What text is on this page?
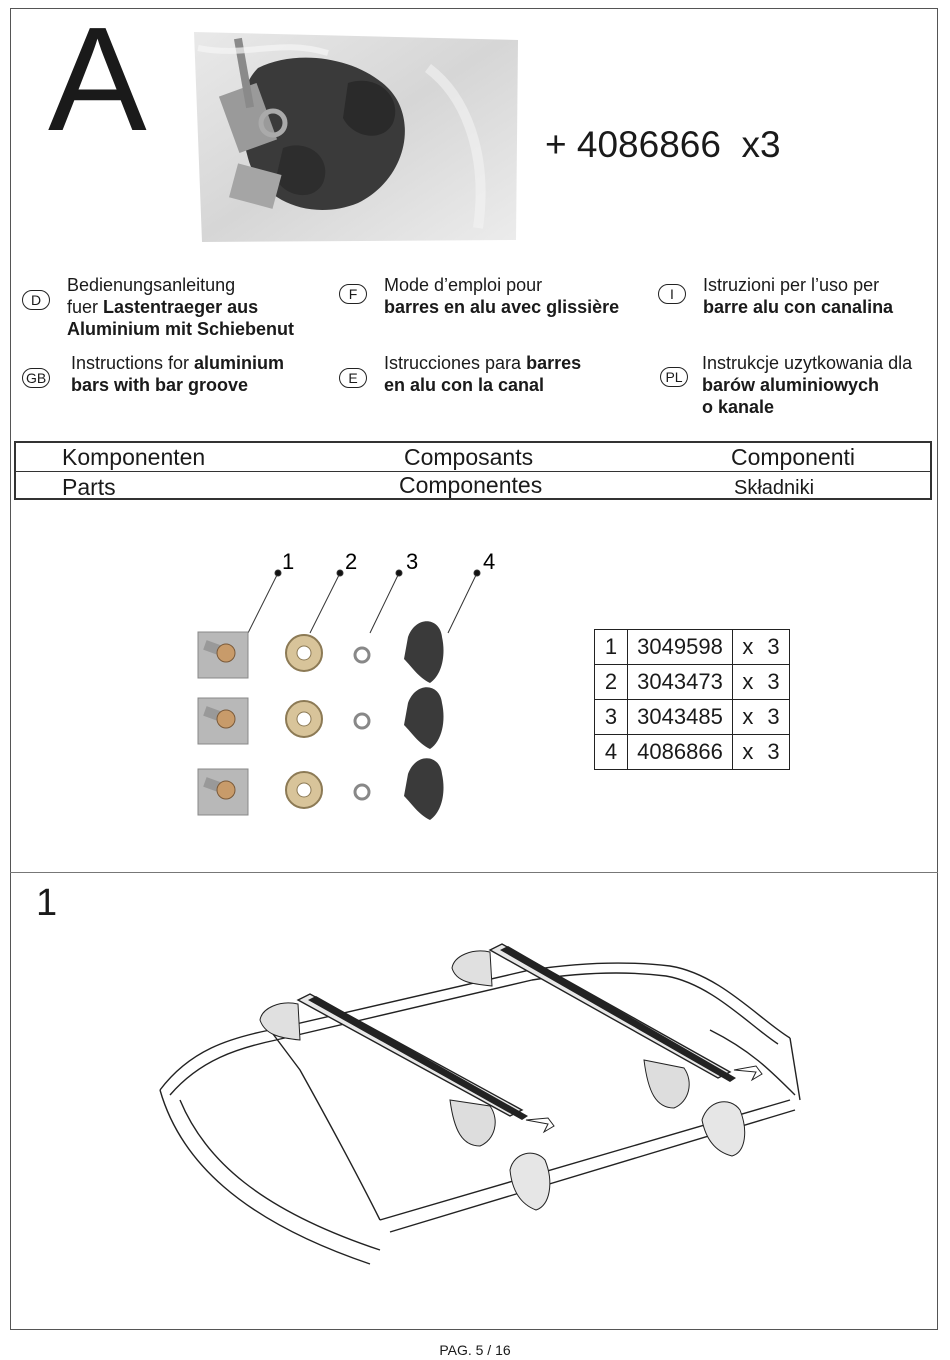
A	+ 4086866  x3
D
Bedienungsanleitung
fuer Lastentraeger aus
Aluminium mit Schiebenut
F	Mode d’emploi pour
barres en alu avec glissière
I	Istruzioni per l’uso per
barre alu con canalina
GB
Instructions for aluminium
bars with bar groove	E
Istrucciones para barres
en alu con la canal	PL
Instrukcje uzytkowania dla
barów aluminiowych
o kanale
Komponenten	Composants	Componenti
Parts	Componentes	Składniki
1 2 3	4
1	3049598	x 3
2	3043473	x 3
3	3043485	x 3
4	4086866	x 3
1
PAG. 5 / 16
